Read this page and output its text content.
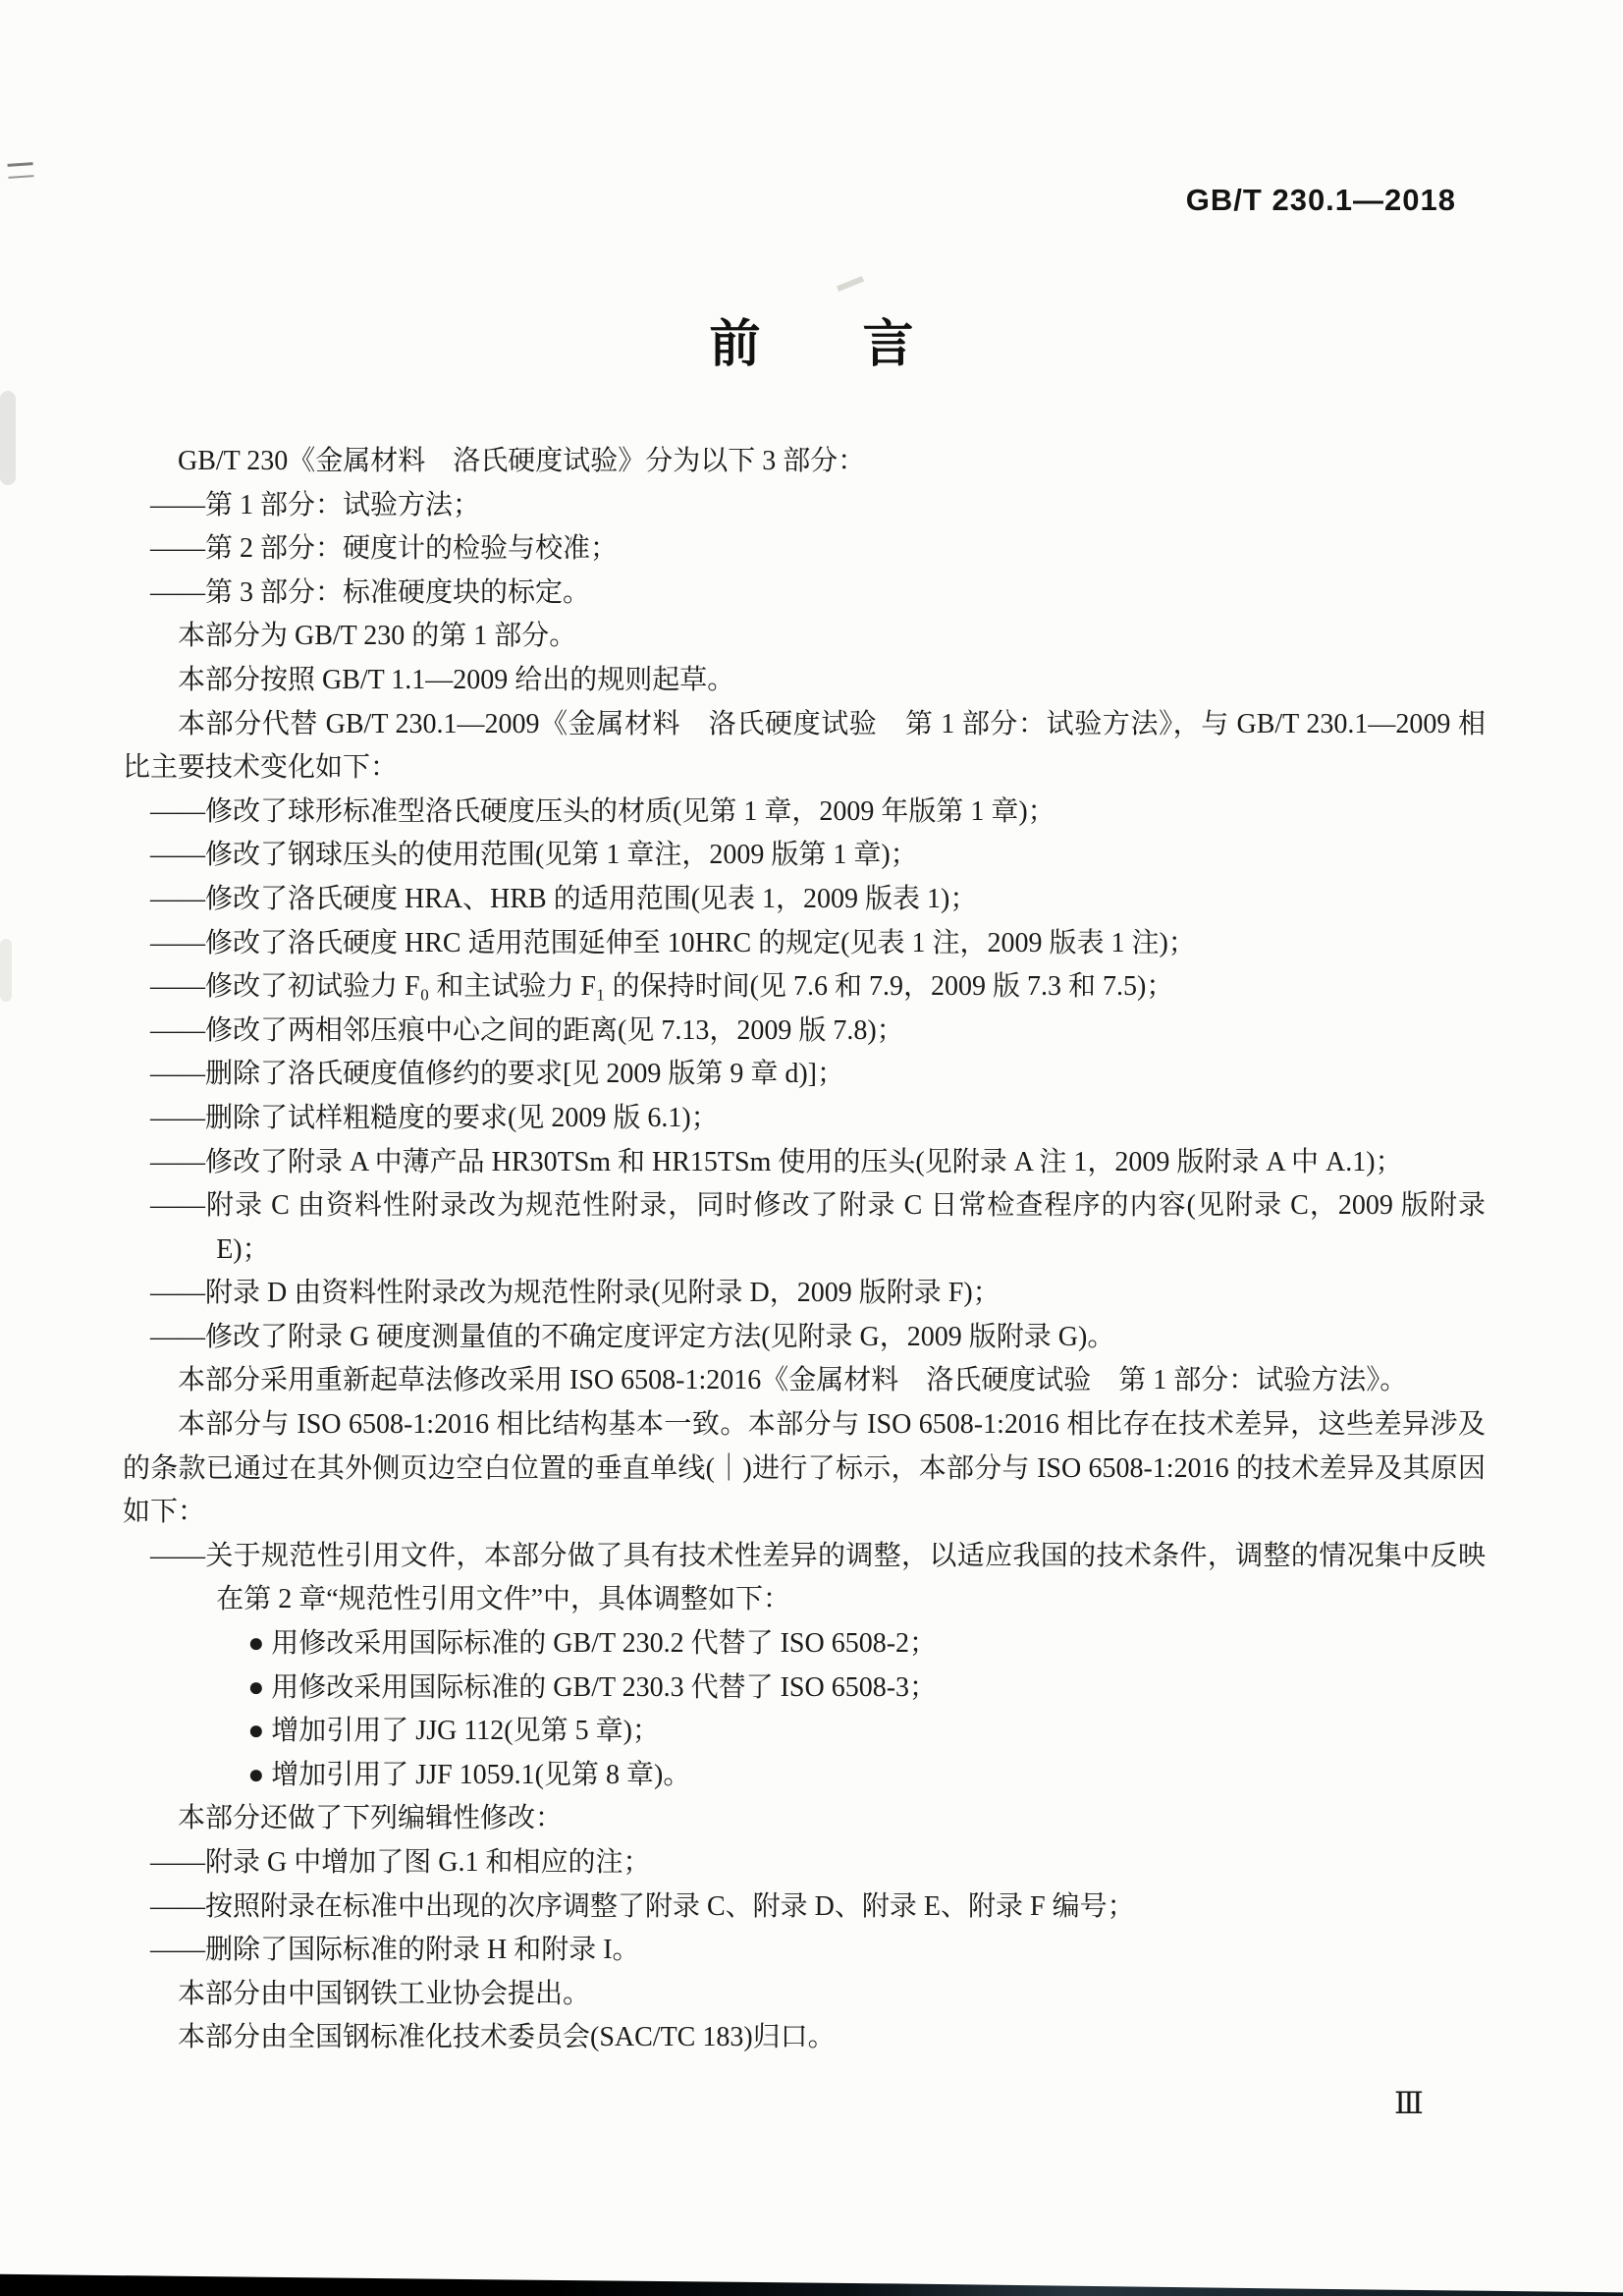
GB/T 230.1—2018
前　　言
GB/T 230《金属材料　洛氏硬度试验》分为以下 3 部分：
——第 1 部分：试验方法；
——第 2 部分：硬度计的检验与校准；
——第 3 部分：标准硬度块的标定。
本部分为 GB/T 230 的第 1 部分。
本部分按照 GB/T 1.1—2009 给出的规则起草。
本部分代替 GB/T 230.1—2009《金属材料　洛氏硬度试验　第 1 部分：试验方法》，与 GB/T 230.1—2009 相比主要技术变化如下：
——修改了球形标准型洛氏硬度压头的材质(见第 1 章，2009 年版第 1 章)；
——修改了钢球压头的使用范围(见第 1 章注，2009 版第 1 章)；
——修改了洛氏硬度 HRA、HRB 的适用范围(见表 1，2009 版表 1)；
——修改了洛氏硬度 HRC 适用范围延伸至 10HRC 的规定(见表 1 注，2009 版表 1 注)；
——修改了初试验力 F₀ 和主试验力 F₁ 的保持时间(见 7.6 和 7.9，2009 版 7.3 和 7.5)；
——修改了两相邻压痕中心之间的距离(见 7.13，2009 版 7.8)；
——删除了洛氏硬度值修约的要求[见 2009 版第 9 章 d)]；
——删除了试样粗糙度的要求(见 2009 版 6.1)；
——修改了附录 A 中薄产品 HR30TSm 和 HR15TSm 使用的压头(见附录 A 注 1，2009 版附录 A 中 A.1)；
——附录 C 由资料性附录改为规范性附录，同时修改了附录 C 日常检查程序的内容(见附录 C，2009 版附录 E)；
——附录 D 由资料性附录改为规范性附录(见附录 D，2009 版附录 F)；
——修改了附录 G 硬度测量值的不确定度评定方法(见附录 G，2009 版附录 G)。
本部分采用重新起草法修改采用 ISO 6508-1:2016《金属材料　洛氏硬度试验　第 1 部分：试验方法》。
本部分与 ISO 6508-1:2016 相比结构基本一致。本部分与 ISO 6508-1:2016 相比存在技术差异，这些差异涉及的条款已通过在其外侧页边空白位置的垂直单线(｜)进行了标示，本部分与 ISO 6508-1:2016 的技术差异及其原因如下：
——关于规范性引用文件，本部分做了具有技术性差异的调整，以适应我国的技术条件，调整的情况集中反映在第 2 章“规范性引用文件”中，具体调整如下：
● 用修改采用国际标准的 GB/T 230.2 代替了 ISO 6508-2；
● 用修改采用国际标准的 GB/T 230.3 代替了 ISO 6508-3；
● 增加引用了 JJG 112(见第 5 章)；
● 增加引用了 JJF 1059.1(见第 8 章)。
本部分还做了下列编辑性修改：
——附录 G 中增加了图 G.1 和相应的注；
——按照附录在标准中出现的次序调整了附录 C、附录 D、附录 E、附录 F 编号；
——删除了国际标准的附录 H 和附录 I。
本部分由中国钢铁工业协会提出。
本部分由全国钢标准化技术委员会(SAC/TC 183)归口。
Ⅲ
